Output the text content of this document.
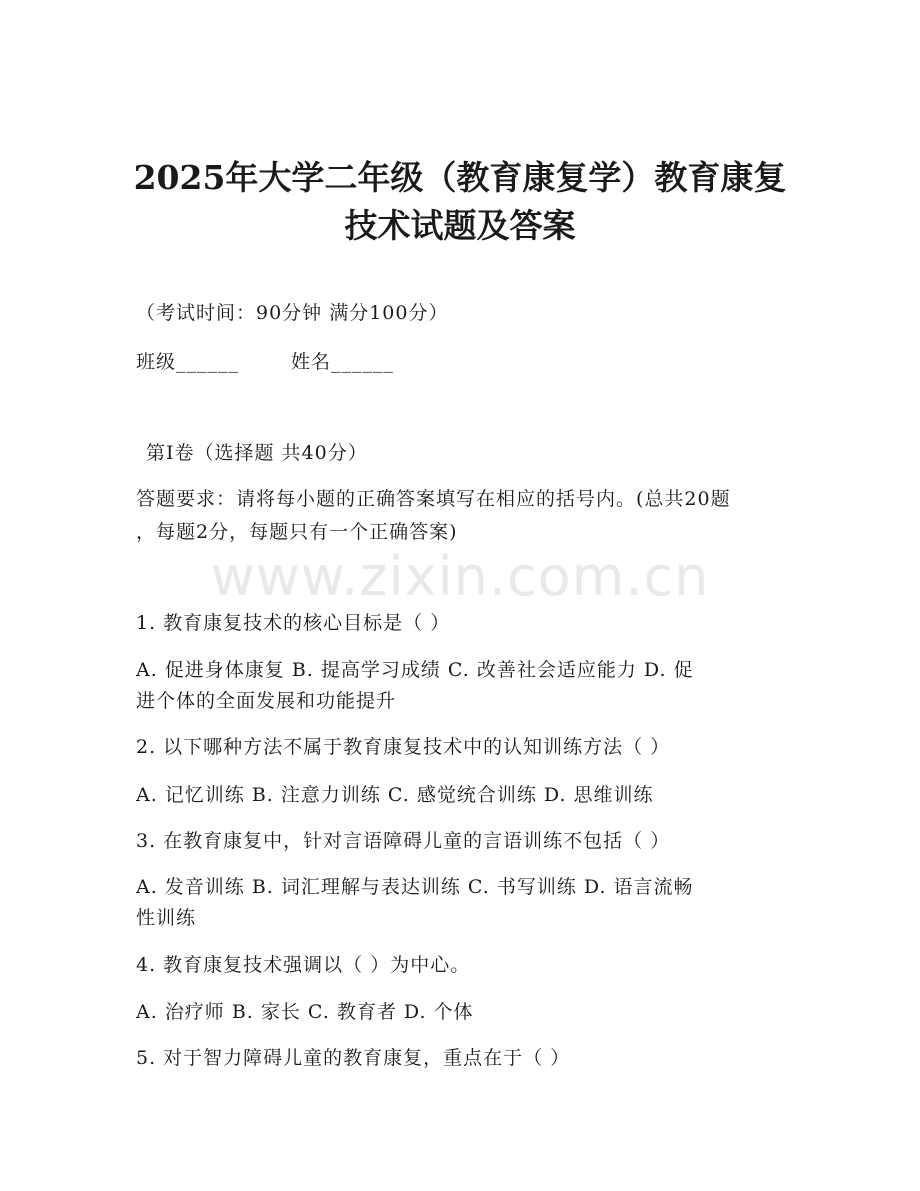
www.zixin.com.cn
2025年大学二年级（教育康复学）教育康复
技术试题及答案
（考试时间：90分钟 满分100分）
班级______	姓名______
第I卷（选择题 共40分）
答题要求：请将每小题的正确答案填写在相应的括号内。(总共20题
，每题2分，每题只有一个正确答案)
1. 教育康复技术的核心目标是（ ）
A. 促进身体康复 B. 提高学习成绩 C. 改善社会适应能力 D. 促
进个体的全面发展和功能提升
2. 以下哪种方法不属于教育康复技术中的认知训练方法（ ）
A. 记忆训练 B. 注意力训练 C. 感觉统合训练 D. 思维训练
3. 在教育康复中，针对言语障碍儿童的言语训练不包括（ ）
A. 发音训练 B. 词汇理解与表达训练 C. 书写训练 D. 语言流畅
性训练
4. 教育康复技术强调以（ ）为中心。
A. 治疗师 B. 家长 C. 教育者 D. 个体
5. 对于智力障碍儿童的教育康复，重点在于（ ）
